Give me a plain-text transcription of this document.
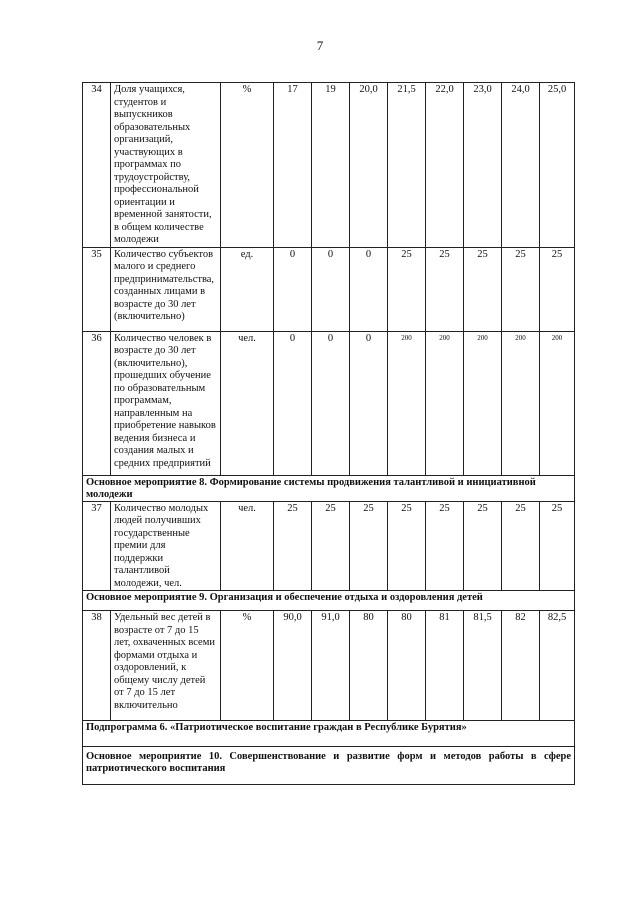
7
34	Доля учащихся, студентов и выпускников образовательных организаций, участвующих в программах по трудоустройству, профессиональной ориентации и временной занятости, в общем количестве молодежи	%	17	19	20,0	21,5	22,0	23,0	24,0	25,0
35	Количество субъектов малого и среднего предпринимательства, созданных лицами в возрасте до 30 лет (включительно)	ед.	0	0	0	25	25	25	25	25
36	Количество человек в возрасте до 30 лет (включительно), прошедших обучение по образовательным программам, направленным на приобретение навыков ведения бизнеса и создания малых и средних предприятий	чел.	0	0	0	200	200	200	200	200
Основное мероприятие 8. Формирование системы продвижения талантливой и инициативной молодежи										
37	Количество молодых людей получивших государственные премии для поддержки талантливой молодежи, чел.	чел.	25	25	25	25	25	25	25	25
Основное мероприятие 9. Организация и обеспечение отдыха и оздоровления детей										
38	Удельный вес детей в возрасте от 7 до 15 лет, охваченных всеми формами отдыха и оздоровлений, к общему числу детей от 7 до 15 лет включительно	%	90,0	91,0	80	80	81	81,5	82	82,5
Подпрограмма 6. «Патриотическое воспитание граждан в Республике Бурятия»										
Основное мероприятие 10. Совершенствование и развитие форм и методов работы в сфере патриотического воспитания										
